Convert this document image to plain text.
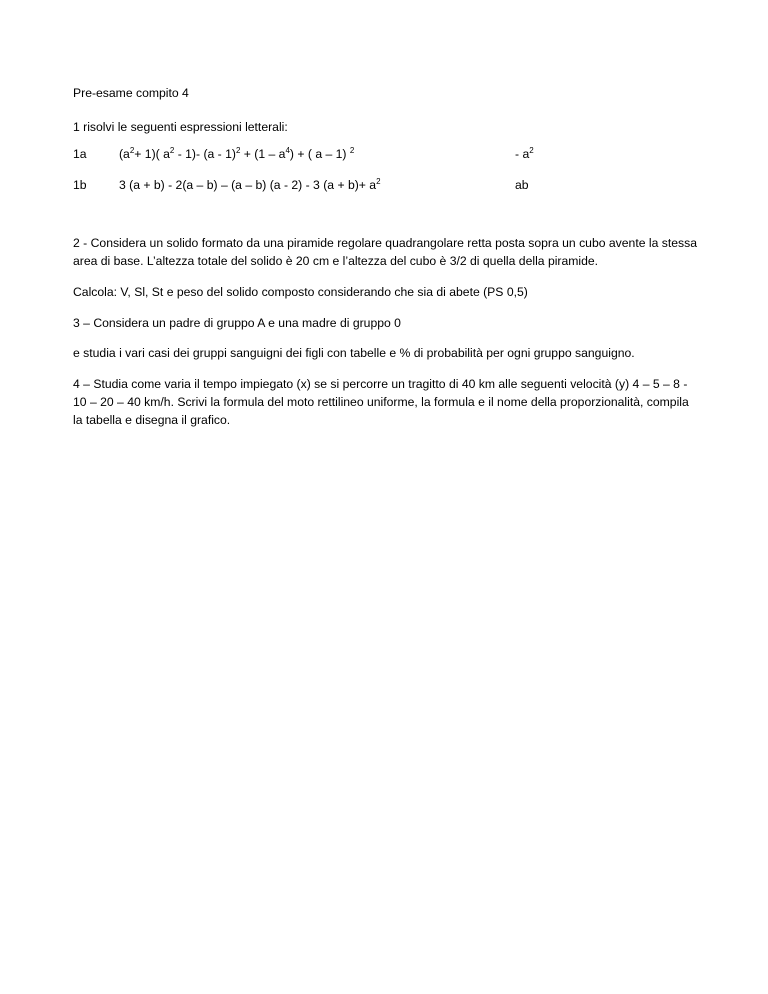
Pre-esame compito 4
1 risolvi le seguenti espressioni letterali:
1a	$(a^2+ 1)$( $a^2 - 1)-$ $(a - 1)^2 + (1 - a^4)$ + ( a – 1) $^2$	- $a^2$
1b	3 (a + b) - 2(a – b) – (a – b) (a - 2) - 3 $(a + b)+ a^2$	ab
2 - Considera un solido formato da una piramide regolare quadrangolare retta posta sopra un cubo avente la stessa area di base. L’altezza totale del solido è 20 cm e l’altezza del cubo è 3/2 di quella della piramide.
Calcola: V, Sl, St e peso del solido composto considerando che sia di abete (PS 0,5)
3 – Considera un padre di gruppo A e una madre di gruppo 0
e studia i vari casi dei gruppi sanguigni dei figli con tabelle e % di probabilità per ogni gruppo sanguigno.
4 – Studia come varia il tempo impiegato (x) se si percorre un tragitto di 40 km alle seguenti velocità (y) 4 – 5 – 8 - 10 – 20 – 40 km/h. Scrivi la formula del moto rettilineo uniforme, la formula e il nome della proporzionalità, compila la tabella e disegna il grafico.
